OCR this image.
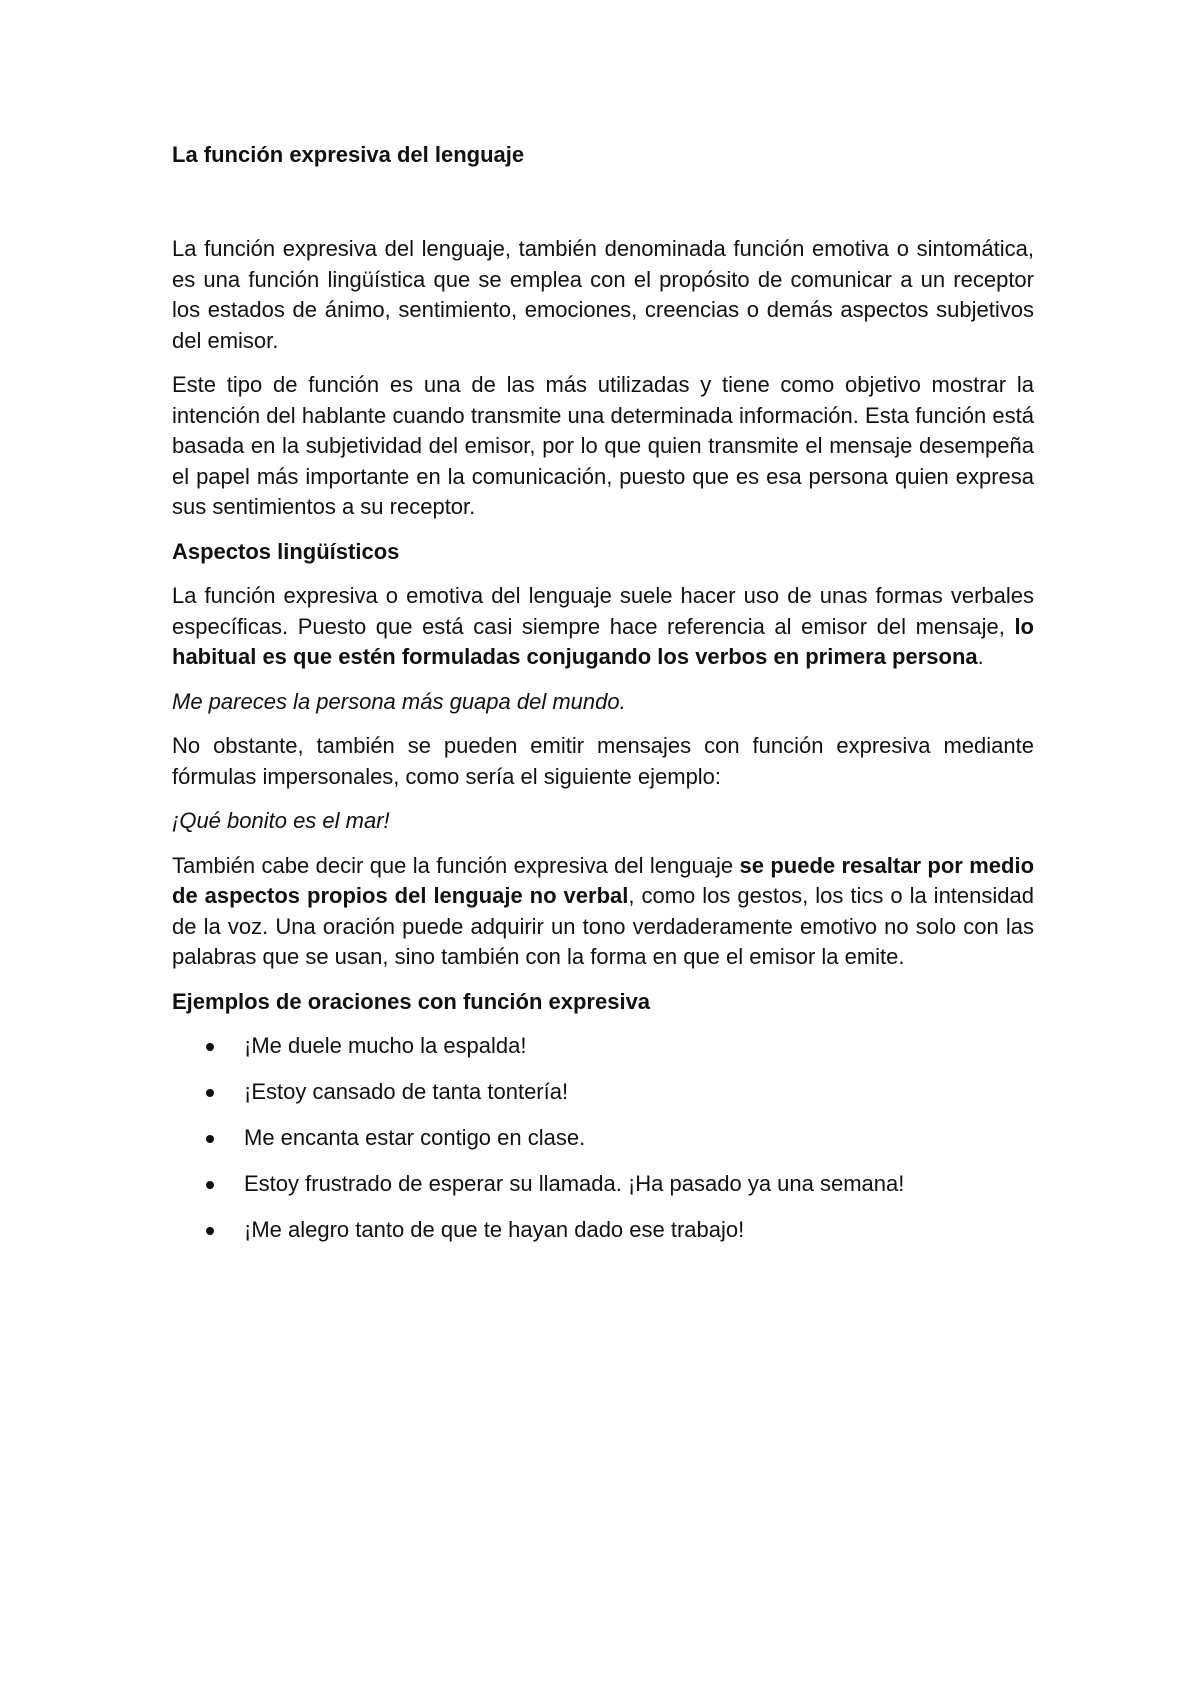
La función expresiva del lenguaje

La función expresiva del lenguaje, también denominada función emotiva o sintomática, es una función lingüística que se emplea con el propósito de comunicar a un receptor los estados de ánimo, sentimiento, emociones, creencias o demás aspectos subjetivos del emisor.

Este tipo de función es una de las más utilizadas y tiene como objetivo mostrar la intención del hablante cuando transmite una determinada información. Esta función está basada en la subjetividad del emisor, por lo que quien transmite el mensaje desempeña el papel más importante en la comunicación, puesto que es esa persona quien expresa sus sentimientos a su receptor.

Aspectos lingüísticos

La función expresiva o emotiva del lenguaje suele hacer uso de unas formas verbales específicas. Puesto que está casi siempre hace referencia al emisor del mensaje, lo habitual es que estén formuladas conjugando los verbos en primera persona.

Me pareces la persona más guapa del mundo.

No obstante, también se pueden emitir mensajes con función expresiva mediante fórmulas impersonales, como sería el siguiente ejemplo:

¡Qué bonito es el mar!

También cabe decir que la función expresiva del lenguaje se puede resaltar por medio de aspectos propios del lenguaje no verbal, como los gestos, los tics o la intensidad de la voz. Una oración puede adquirir un tono verdaderamente emotivo no solo con las palabras que se usan, sino también con la forma en que el emisor la emite.

Ejemplos de oraciones con función expresiva
¡Me duele mucho la espalda!
¡Estoy cansado de tanta tontería!
Me encanta estar contigo en clase.
Estoy frustrado de esperar su llamada. ¡Ha pasado ya una semana!
¡Me alegro tanto de que te hayan dado ese trabajo!
